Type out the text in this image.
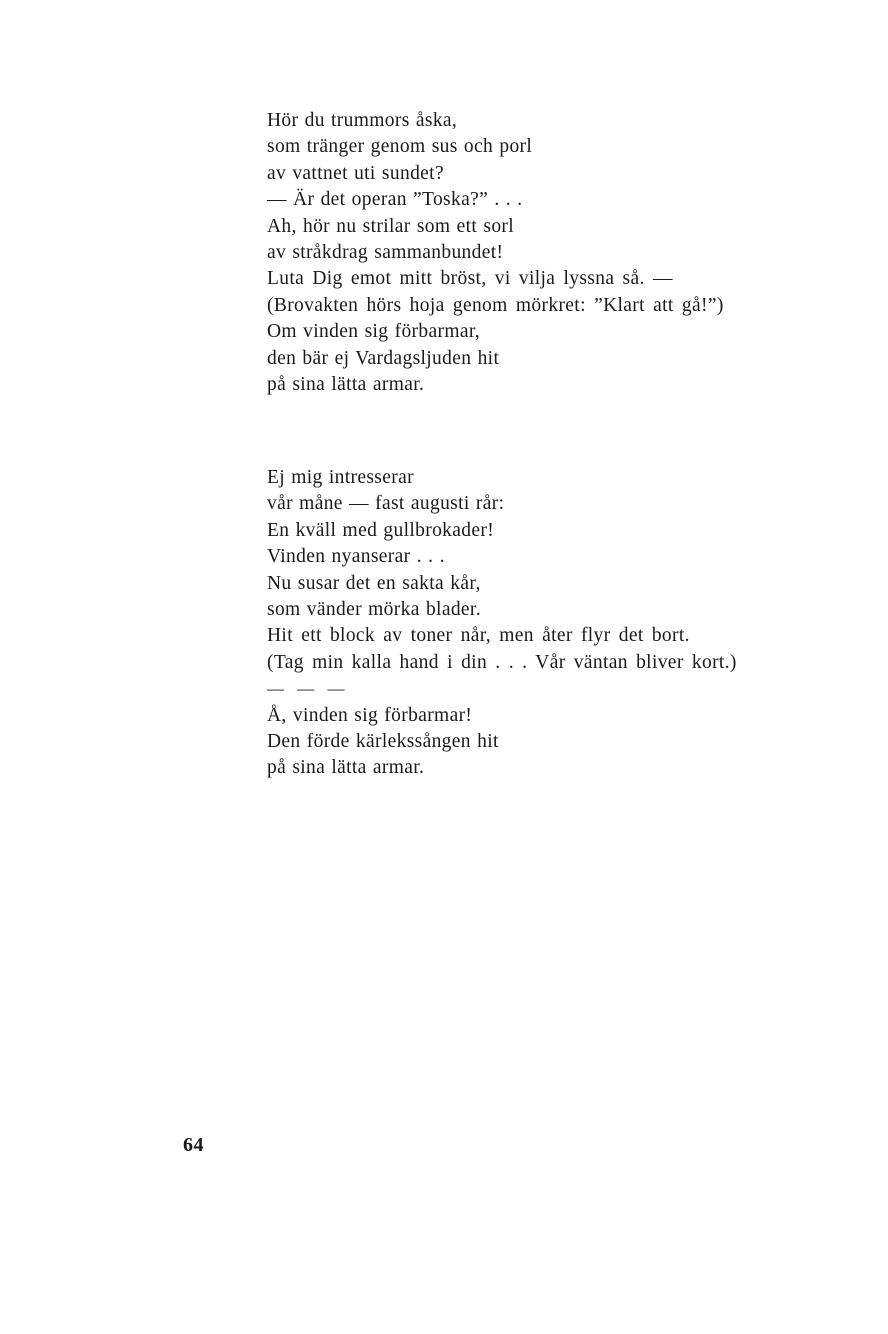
Hör du trummors åska,
som tränger genom sus och porl
av vattnet uti sundet?
— Är det operan ”Toska?” . . .
Ah, hör nu strilar som ett sorl
av stråkdrag sammanbundet!
Luta Dig emot mitt bröst, vi vilja lyssna så. —
(Brovakten hörs hoja genom mörkret: ”Klart att gå!”)
Om vinden sig förbarmar,
den bär ej Vardagsljuden hit
på sina lätta armar.
Ej mig intresserar
vår måne — fast augusti rår:
En kväll med gullbrokader!
Vinden nyanserar . . .
Nu susar det en sakta kår,
som vänder mörka blader.
Hit ett block av toner når, men åter flyr det bort.
(Tag min kalla hand i din . . . Vår väntan bliver kort.)
— — —
Å, vinden sig förbarmar!
Den förde kärlekssången hit
på sina lätta armar.
64
